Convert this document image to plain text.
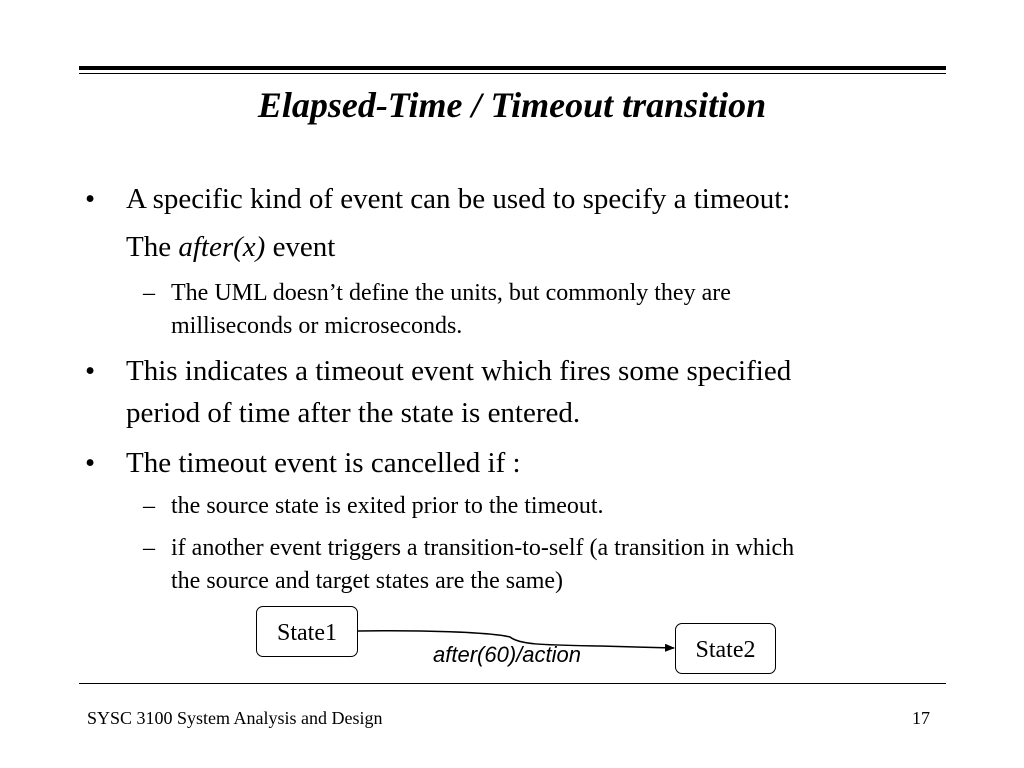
Elapsed-Time / Timeout transition
• A specific kind of event can be used to specify a timeout:
The after(x) event
– The UML doesn’t define the units, but commonly they are
milliseconds or microseconds.
• This indicates a timeout event which fires some specified
period of time after the state is entered.
• The timeout event is cancelled if :
– the source state is exited prior to the timeout.
– if another event triggers a transition-to-self (a transition in which
the source and target states are the same)
State1
State2
after(60)/action
SYSC 3100 System Analysis and Design	17
